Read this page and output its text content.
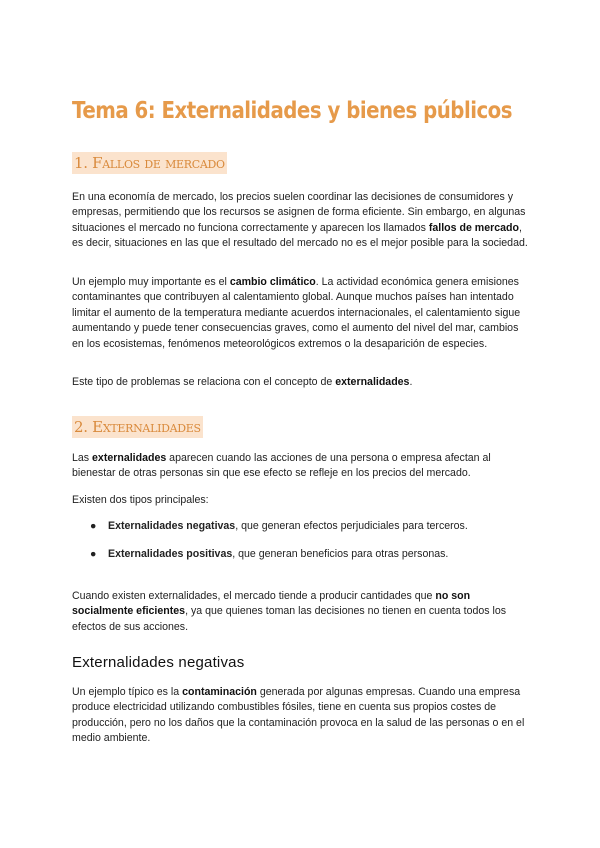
Tema 6: Externalidades y bienes públicos
1. Fallos de mercado

En una economía de mercado, los precios suelen coordinar las decisiones de consumidores y empresas, permitiendo que los recursos se asignen de forma eficiente. Sin embargo, en algunas situaciones el mercado no funciona correctamente y aparecen los llamados fallos de mercado, es decir, situaciones en las que el resultado del mercado no es el mejor posible para la sociedad.

Un ejemplo muy importante es el cambio climático. La actividad económica genera emisiones contaminantes que contribuyen al calentamiento global. Aunque muchos países han intentado limitar el aumento de la temperatura mediante acuerdos internacionales, el calentamiento sigue aumentando y puede tener consecuencias graves, como el aumento del nivel del mar, cambios en los ecosistemas, fenómenos meteorológicos extremos o la desaparición de especies.

Este tipo de problemas se relaciona con el concepto de externalidades.

2. Externalidades

Las externalidades aparecen cuando las acciones de una persona o empresa afectan al bienestar de otras personas sin que ese efecto se refleje en los precios del mercado.

Existen dos tipos principales:

● Externalidades negativas, que generan efectos perjudiciales para terceros.
● Externalidades positivas, que generan beneficios para otras personas.

Cuando existen externalidades, el mercado tiende a producir cantidades que no son socialmente eficientes, ya que quienes toman las decisiones no tienen en cuenta todos los efectos de sus acciones.

Externalidades negativas

Un ejemplo típico es la contaminación generada por algunas empresas. Cuando una empresa produce electricidad utilizando combustibles fósiles, tiene en cuenta sus propios costes de producción, pero no los daños que la contaminación provoca en la salud de las personas o en el medio ambiente.
